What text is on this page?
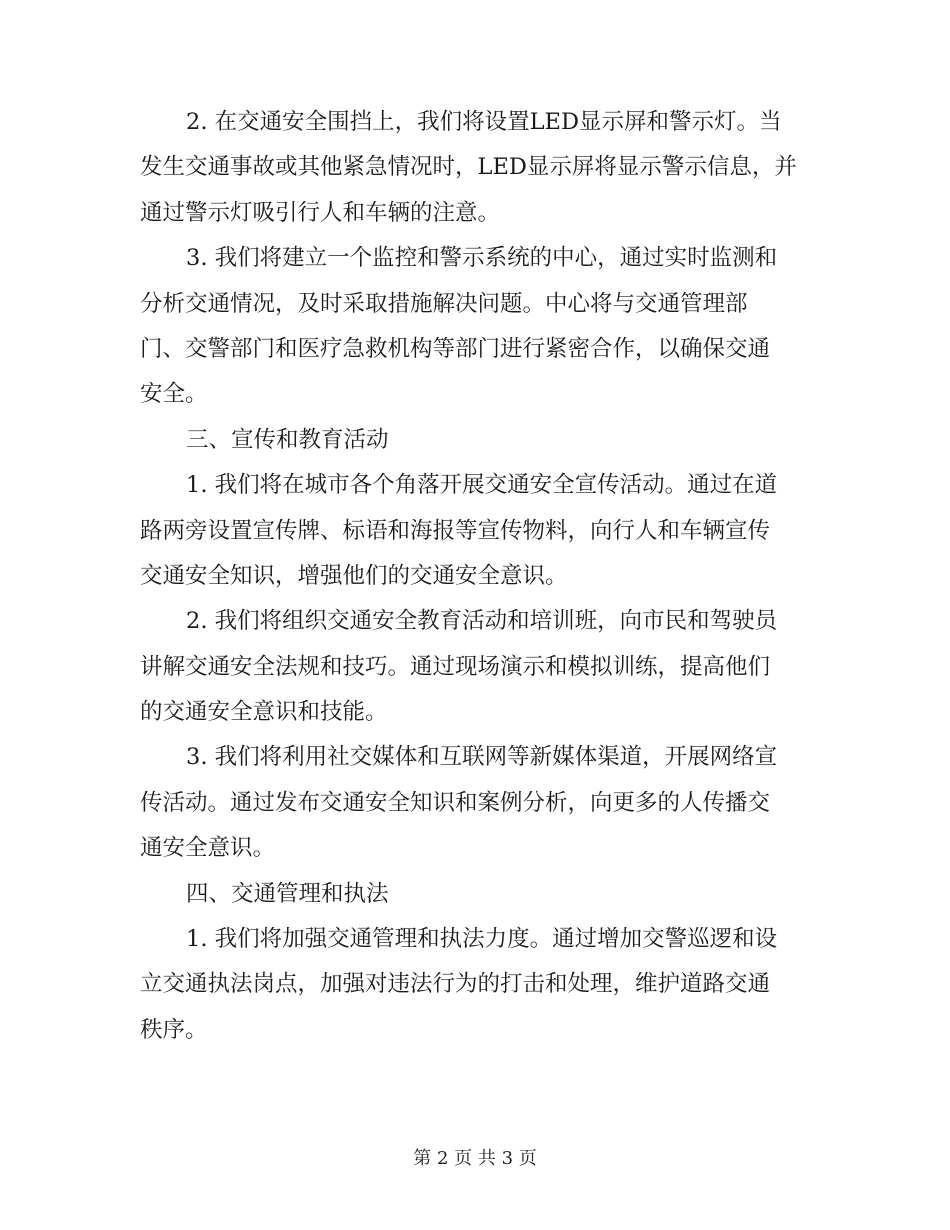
2. 在交通安全围挡上，我们将设置LED显示屏和警示灯。当
发生交通事故或其他紧急情况时，LED显示屏将显示警示信息，并
通过警示灯吸引行人和车辆的注意。
3. 我们将建立一个监控和警示系统的中心，通过实时监测和
分析交通情况，及时采取措施解决问题。中心将与交通管理部
门、交警部门和医疗急救机构等部门进行紧密合作，以确保交通
安全。
三、宣传和教育活动
1. 我们将在城市各个角落开展交通安全宣传活动。通过在道
路两旁设置宣传牌、标语和海报等宣传物料，向行人和车辆宣传
交通安全知识，增强他们的交通安全意识。
2. 我们将组织交通安全教育活动和培训班，向市民和驾驶员
讲解交通安全法规和技巧。通过现场演示和模拟训练，提高他们
的交通安全意识和技能。
3. 我们将利用社交媒体和互联网等新媒体渠道，开展网络宣
传活动。通过发布交通安全知识和案例分析，向更多的人传播交
通安全意识。
四、交通管理和执法
1. 我们将加强交通管理和执法力度。通过增加交警巡逻和设
立交通执法岗点，加强对违法行为的打击和处理，维护道路交通
秩序。
第 2 页 共 3 页
